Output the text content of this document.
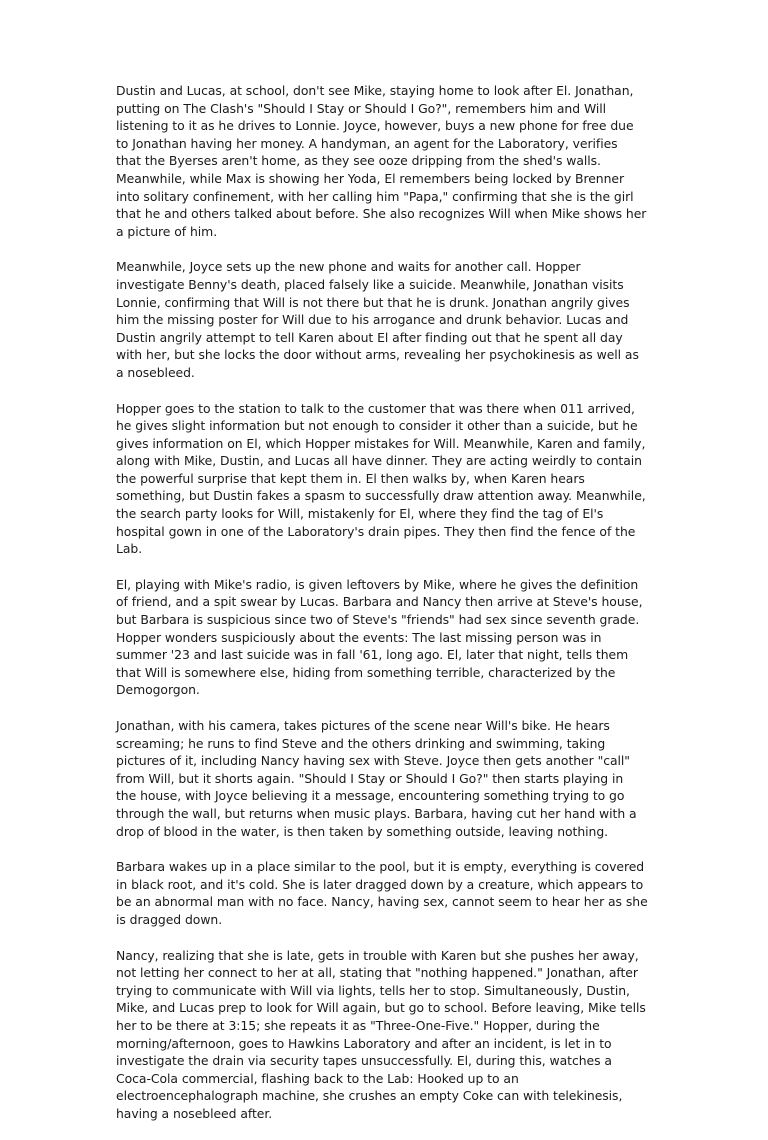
Dustin and Lucas, at school, don't see Mike, staying home to look after El. Jonathan,
putting on The Clash's "Should I Stay or Should I Go?", remembers him and Will
listening to it as he drives to Lonnie. Joyce, however, buys a new phone for free due
to Jonathan having her money. A handyman, an agent for the Laboratory, verifies
that the Byerses aren't home, as they see ooze dripping from the shed's walls.
Meanwhile, while Max is showing her Yoda, El remembers being locked by Brenner
into solitary confinement, with her calling him "Papa," confirming that she is the girl
that he and others talked about before. She also recognizes Will when Mike shows her
a picture of him.

Meanwhile, Joyce sets up the new phone and waits for another call. Hopper
investigate Benny's death, placed falsely like a suicide. Meanwhile, Jonathan visits
Lonnie, confirming that Will is not there but that he is drunk. Jonathan angrily gives
him the missing poster for Will due to his arrogance and drunk behavior. Lucas and
Dustin angrily attempt to tell Karen about El after finding out that he spent all day
with her, but she locks the door without arms, revealing her psychokinesis as well as
a nosebleed.

Hopper goes to the station to talk to the customer that was there when 011 arrived,
he gives slight information but not enough to consider it other than a suicide, but he
gives information on El, which Hopper mistakes for Will. Meanwhile, Karen and family,
along with Mike, Dustin, and Lucas all have dinner. They are acting weirdly to contain
the powerful surprise that kept them in. El then walks by, when Karen hears
something, but Dustin fakes a spasm to successfully draw attention away. Meanwhile,
the search party looks for Will, mistakenly for El, where they find the tag of El's
hospital gown in one of the Laboratory's drain pipes. They then find the fence of the
Lab.

El, playing with Mike's radio, is given leftovers by Mike, where he gives the definition
of friend, and a spit swear by Lucas. Barbara and Nancy then arrive at Steve's house,
but Barbara is suspicious since two of Steve's "friends" had sex since seventh grade.
Hopper wonders suspiciously about the events: The last missing person was in
summer '23 and last suicide was in fall '61, long ago. El, later that night, tells them
that Will is somewhere else, hiding from something terrible, characterized by the
Demogorgon.

Jonathan, with his camera, takes pictures of the scene near Will's bike. He hears
screaming; he runs to find Steve and the others drinking and swimming, taking
pictures of it, including Nancy having sex with Steve. Joyce then gets another "call"
from Will, but it shorts again. "Should I Stay or Should I Go?" then starts playing in
the house, with Joyce believing it a message, encountering something trying to go
through the wall, but returns when music plays. Barbara, having cut her hand with a
drop of blood in the water, is then taken by something outside, leaving nothing.

Barbara wakes up in a place similar to the pool, but it is empty, everything is covered
in black root, and it's cold. She is later dragged down by a creature, which appears to
be an abnormal man with no face. Nancy, having sex, cannot seem to hear her as she
is dragged down.

Nancy, realizing that she is late, gets in trouble with Karen but she pushes her away,
not letting her connect to her at all, stating that "nothing happened." Jonathan, after
trying to communicate with Will via lights, tells her to stop. Simultaneously, Dustin,
Mike, and Lucas prep to look for Will again, but go to school. Before leaving, Mike tells
her to be there at 3:15; she repeats it as "Three-One-Five." Hopper, during the
morning/afternoon, goes to Hawkins Laboratory and after an incident, is let in to
investigate the drain via security tapes unsuccessfully. El, during this, watches a
Coca-Cola commercial, flashing back to the Lab: Hooked up to an
electroencephalograph machine, she crushes an empty Coke can with telekinesis,
having a nosebleed after.
